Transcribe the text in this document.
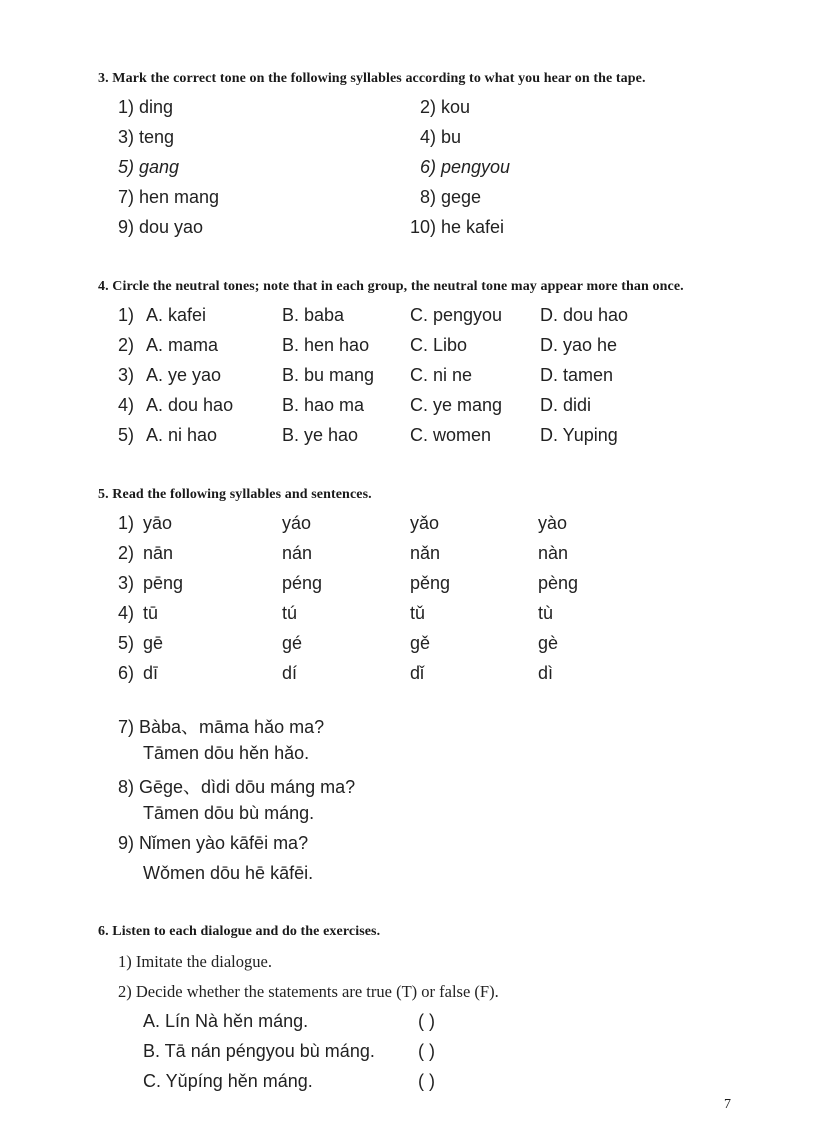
3. Mark the correct tone on the following syllables according to what you hear on the tape.
1) ding	2) kou
3) teng	4) bu
5) gang	6) pengyou
7) hen mang	8) gege
9) dou yao	10) he kafei
4. Circle the neutral tones; note that in each group, the neutral tone may appear more than once.
1) A. kafei	B. baba	C. pengyou D. dou hao
2) A. mama	B. hen hao C. Libo	D. yao he
3) A. ye yao	B. bu mang C. ni ne	D. tamen
4) A. dou hao	B. hao ma	C. ye mang D. didi
5) A. ni hao	B. ye hao	C. women	D. Yuping
5. Read the following syllables and sentences.
1) yāo	yáo	yǎo	yào
2) nān	nán	nǎn	nàn
3) pēng	péng	pěng	pèng
4) tū	tú	tǔ	tù
5) gē	gé	gě	gè
6) dī	dí	dǐ	dì
7) Bàba、māma hǎo ma?
Tāmen dōu hěn hǎo.
8) Gēge、dìdi dōu máng ma?
Tāmen dōu bù máng.
9) Nǐmen yào kāfēi ma?
Wǒmen dōu hē kāfēi.
6. Listen to each dialogue and do the exercises.
1) Imitate the dialogue.
2) Decide whether the statements are true (T) or false (F).
A. Lín Nà hěn máng.	( )
B. Tā nán péngyou bù máng. ( )
C. Yǔpíng hěn máng.	( )
7
